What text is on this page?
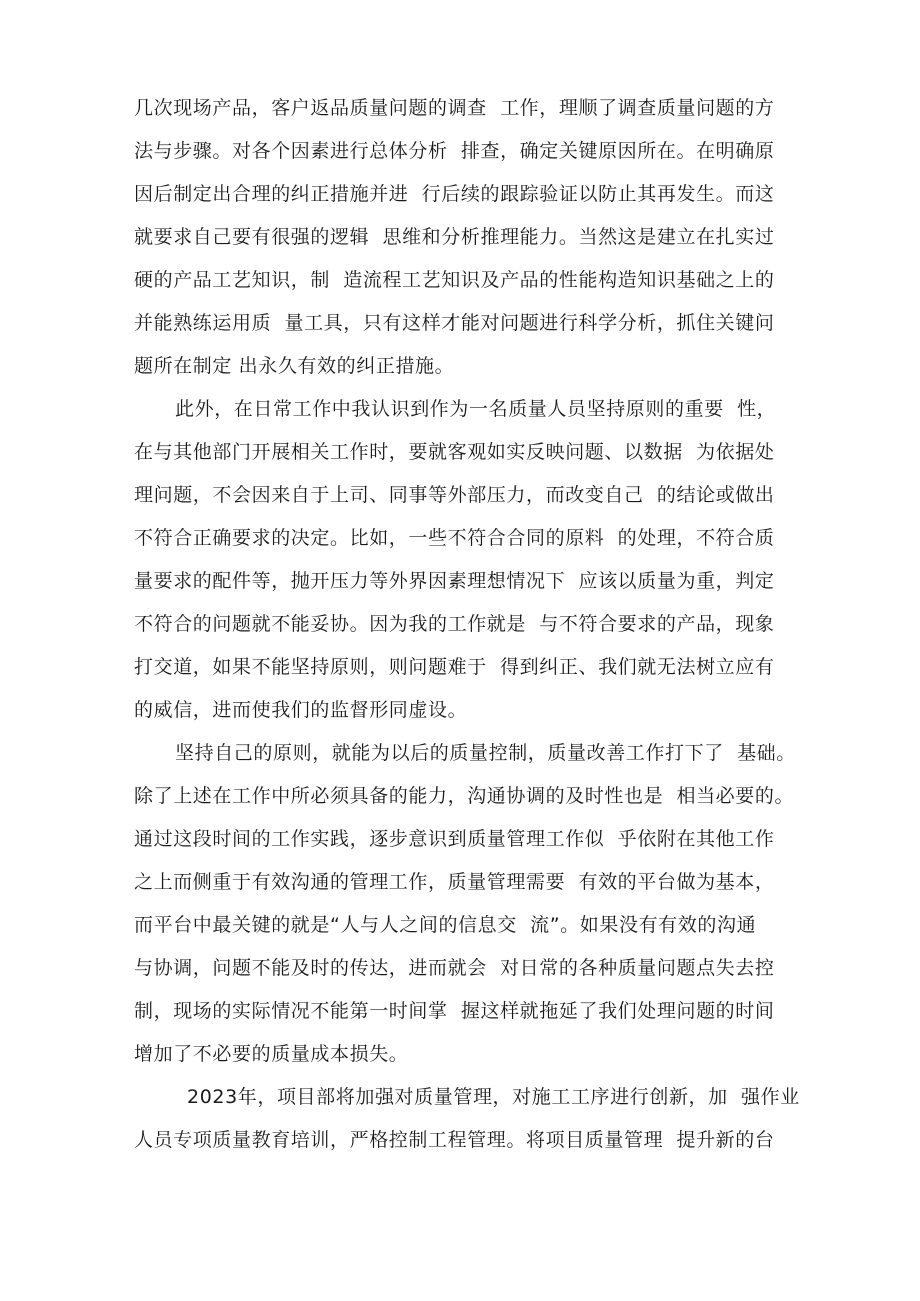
几次现场产品，客户返品质量问题的调查  工作，理顺了调查质量问题的方
法与步骤。对各个因素进行总体分析  排查，确定关键原因所在。在明确原
因后制定出合理的纠正措施并进  行后续的跟踪验证以防止其再发生。而这
就要求自己要有很强的逻辑  思维和分析推理能力。当然这是建立在扎实过
硬的产品工艺知识，制  造流程工艺知识及产品的性能构造知识基础之上的
并能熟练运用质  量工具，只有这样才能对问题进行科学分析，抓住关键问
题所在制定 出永久有效的纠正措施。
此外，在日常工作中我认识到作为一名质量人员坚持原则的重要  性，
在与其他部门开展相关工作时，要就客观如实反映问题、以数据  为依据处
理问题，不会因来自于上司、同事等外部压力，而改变自己  的结论或做出
不符合正确要求的决定。比如，一些不符合合同的原料  的处理，不符合质
量要求的配件等，抛开压力等外界因素理想情况下  应该以质量为重，判定
不符合的问题就不能妥协。因为我的工作就是  与不符合要求的产品，现象
打交道，如果不能坚持原则，则问题难于  得到纠正、我们就无法树立应有
的威信，进而使我们的监督形同虚设。
坚持自己的原则，就能为以后的质量控制，质量改善工作打下了  基础。
除了上述在工作中所必须具备的能力，沟通协调的及时性也是  相当必要的。
通过这段时间的工作实践，逐步意识到质量管理工作似  乎依附在其他工作
之上而侧重于有效沟通的管理工作，质量管理需要  有效的平台做为基本，
而平台中最关键的就是“人与人之间的信息交  流”。如果没有有效的沟通
与协调，问题不能及时的传达，进而就会  对日常的各种质量问题点失去控
制，现场的实际情况不能第一时间掌  握这样就拖延了我们处理问题的时间
增加了不必要的质量成本损失。
2023年，项目部将加强对质量管理，对施工工序进行创新，加  强作业
人员专项质量教育培训，严格控制工程管理。将项目质量管理  提升新的台
